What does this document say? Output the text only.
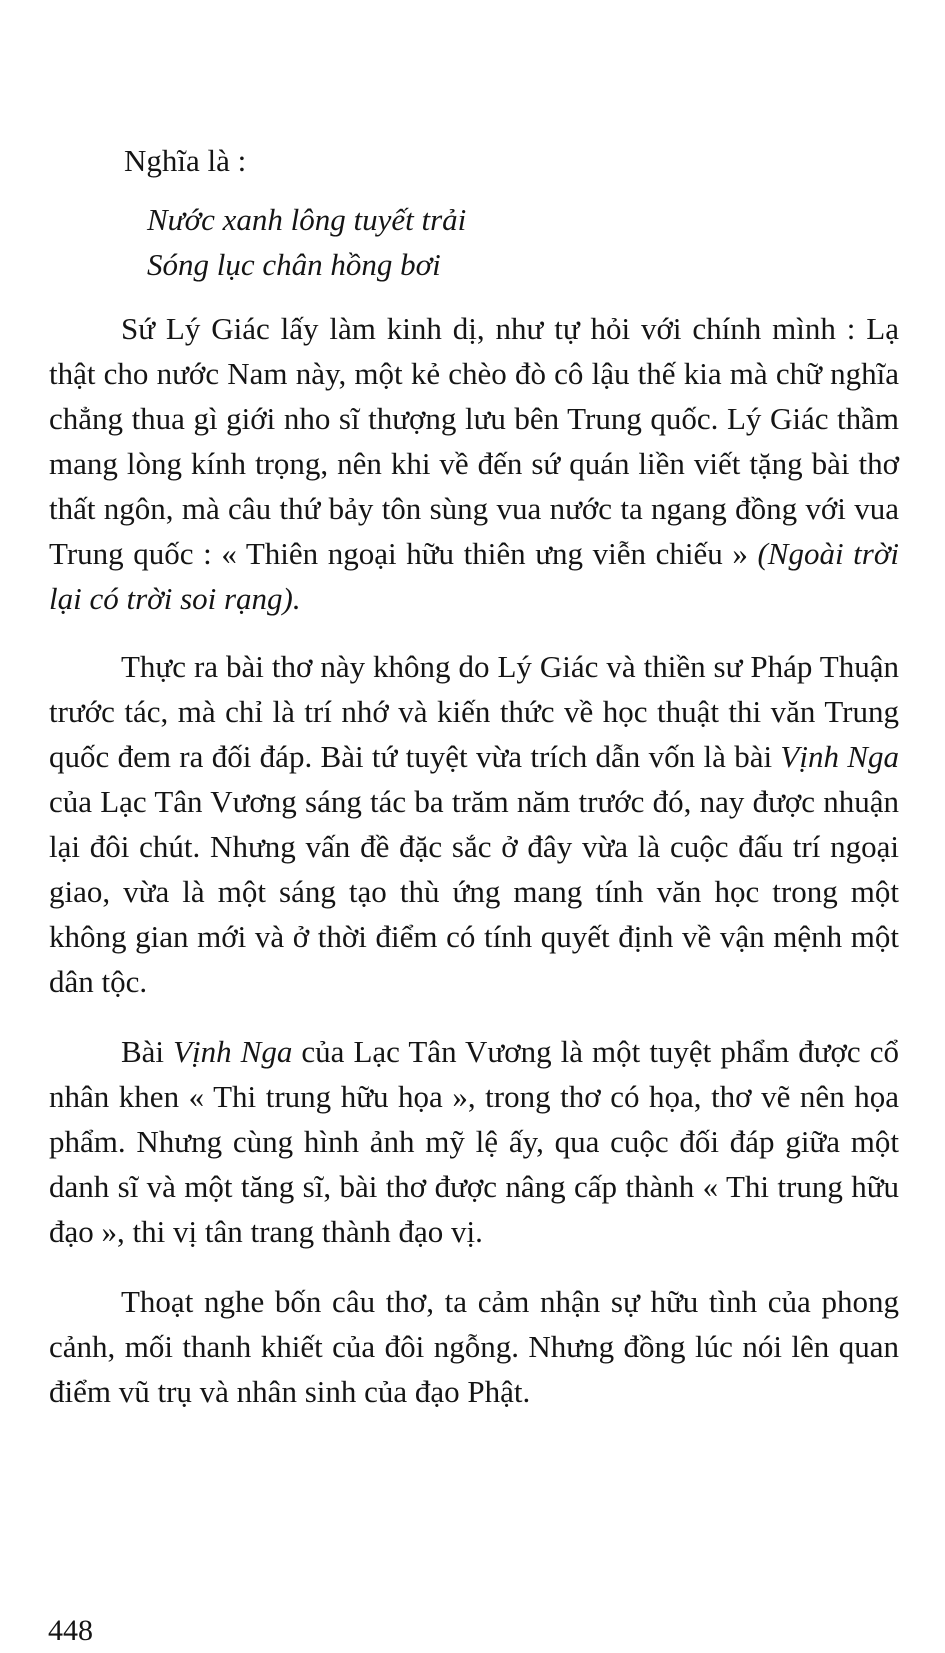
Nghĩa là :

Nước xanh lông tuyết trải
Sóng lục chân hồng bơi

Sứ Lý Giác lấy làm kinh dị, như tự hỏi với chính mình : Lạ thật cho nước Nam này, một kẻ chèo đò cô lậu thế kia mà chữ nghĩa chẳng thua gì giới nho sĩ thượng lưu bên Trung quốc. Lý Giác thầm mang lòng kính trọng, nên khi về đến sứ quán liền viết tặng bài thơ thất ngôn, mà câu thứ bảy tôn sùng vua nước ta ngang đồng với vua Trung quốc : « Thiên ngoại hữu thiên ưng viễn chiếu » (Ngoài trời lại có trời soi rạng).

Thực ra bài thơ này không do Lý Giác và thiền sư Pháp Thuận trước tác, mà chỉ là trí nhớ và kiến thức về học thuật thi văn Trung quốc đem ra đối đáp. Bài tứ tuyệt vừa trích dẫn vốn là bài Vịnh Nga của Lạc Tân Vương sáng tác ba trăm năm trước đó, nay được nhuận lại đôi chút. Nhưng vấn đề đặc sắc ở đây vừa là cuộc đấu trí ngoại giao, vừa là một sáng tạo thù ứng mang tính văn học trong một không gian mới và ở thời điểm có tính quyết định về vận mệnh một dân tộc.

Bài Vịnh Nga của Lạc Tân Vương là một tuyệt phẩm được cổ nhân khen « Thi trung hữu họa », trong thơ có họa, thơ vẽ nên họa phẩm. Nhưng cùng hình ảnh mỹ lệ ấy, qua cuộc đối đáp giữa một danh sĩ và một tăng sĩ, bài thơ được nâng cấp thành « Thi trung hữu đạo », thi vị tân trang thành đạo vị.

Thoạt nghe bốn câu thơ, ta cảm nhận sự hữu tình của phong cảnh, mối thanh khiết của đôi ngỗng. Nhưng đồng lúc nói lên quan điểm vũ trụ và nhân sinh của đạo Phật.

448
